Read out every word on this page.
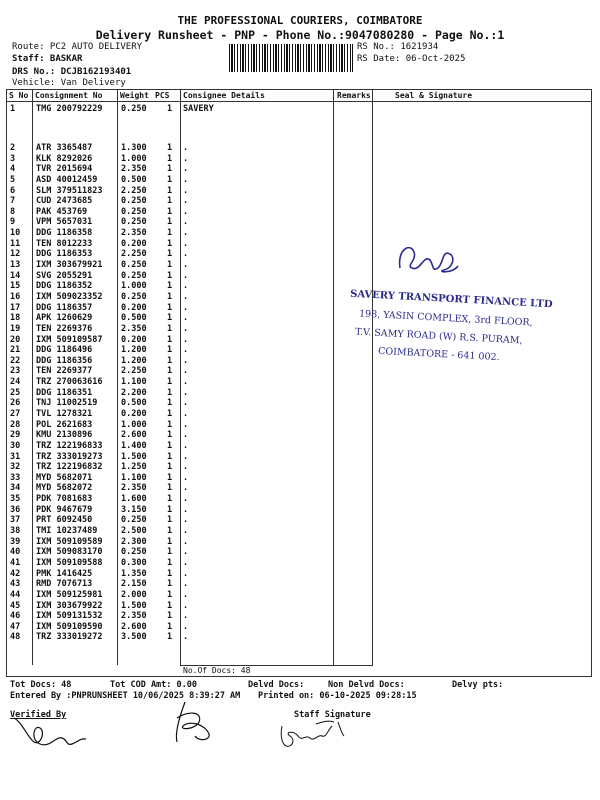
THE PROFESSIONAL COURIERS, COIMBATORE
Delivery Runsheet - PNP - Phone No.:9047080280 - Page No.:1
Route: PC2 AUTO DELIVERY
Staff: BASKAR
DRS No.: DCJB162193401
Vehicle: Van Delivery
RS No.: 1621934
RS Date: 06-Oct-2025
S No Consignment No Weight PCS Consignee Details	Remarks	Seal & Signature
1 TMG 200792229 0.250 1 SAVERY
2 ATR 3365487	1.300 1 .
3 KLK 8292026	1.000 1 .
4 TVR 2015694	2.350 1 .
5 ASD 40012459	0.500 1 .
6 SLM 379511823 2.250 1 .
7 CUD 2473685	0.250 1 .
8 PAK 453769	0.250 1 .
9 VPM 5657031	0.250 1 .
10 DDG 1186358	2.350 1 .
11 TEN 8012233	0.200 1 .
12 DDG 1186353	2.250 1 .
13 IXM 303679921 0.250 1 .
14 SVG 2055291	0.250 1 .
15 DDG 1186352	1.000 1 .
16 IXM 509023352 0.250 1 .
17 DDG 1186357	0.200 1 .
18 APK 1260629	0.500 1 .
19 TEN 2269376	2.350 1 .
20 IXM 509109587 0.200 1 .
21 DDG 1186496	1.200 1 .
22 DDG 1186356	1.200 1 .
23 TEN 2269377	2.250 1 .
24 TRZ 270063616 1.100 1 .
25 DDG 1186351	2.200 1 .
26 TNJ 11002519	0.500 1 .
27 TVL 1278321	0.200 1 .
28 POL 2621683	1.000 1 .
29 KMU 2130896	2.600 1 .
30 TRZ 122196833 1.400 1 .
31 TRZ 333019273 1.500 1 .
32 TRZ 122196832 1.250 1 .
33 MYD 5682071	1.100 1 .
34 MYD 5682072	2.350 1 .
35 PDK 7081683	1.600 1 .
36 PDK 9467679	3.150 1 .
37 PRT 6092450	0.250 1 .
38 TMI 10237489	2.500 1 .
39 IXM 509109589 2.300 1 .
40 IXM 509083170 0.250 1 .
41 IXM 509109588 0.300 1 .
42 PMK 1416425	1.350 1 .
43 RMD 7076713	2.150 1 .
44 IXM 509125981 2.000 1 .
45 IXM 303679922 1.500 1 .
46 IXM 509131532 2.350 1 .
47 IXM 509109590 2.600 1 .
48 TRZ 333019272 3.500 1 .
No.Of Docs: 48
SAVERY TRANSPORT FINANCE LTD
198, YASIN COMPLEX, 3rd FLOOR,
T.V. SAMY ROAD (W) R.S. PURAM,
COIMBATORE - 641 002.
Tot Docs: 48	Tot COD Amt: 0.00	Delvd Docs:	Non Delvd Docs:	Delvy pts:
Entered By :PNPRUNSHEET 10/06/2025 8:39:27 AM Printed on: 06-10-2025 09:28:15
Verified By	Staff Signature
